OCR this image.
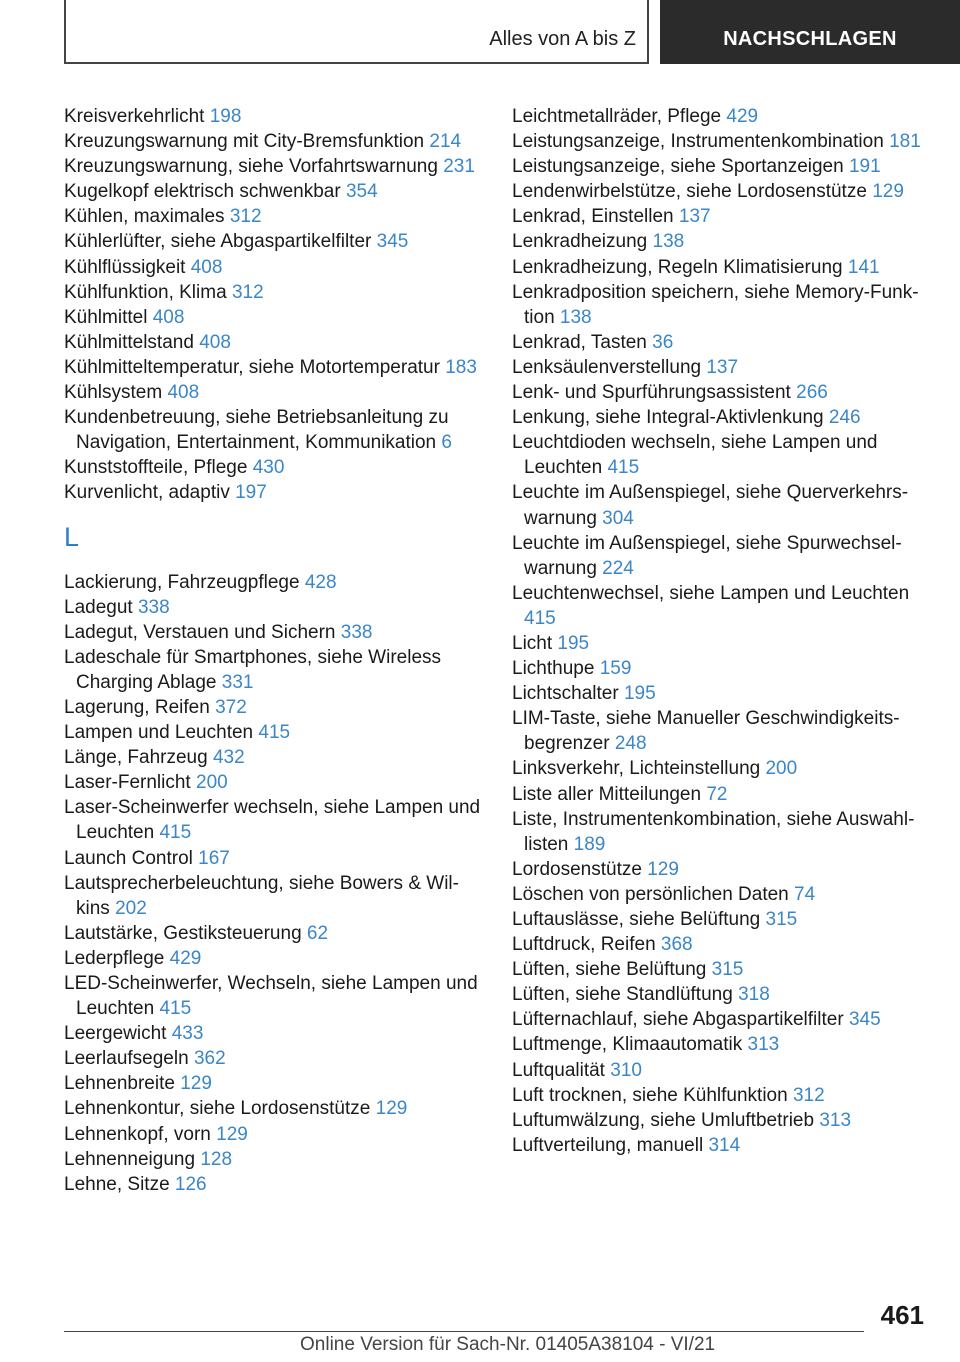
Alles von A bis Z	NACHSCHLAGEN
Kreisverkehrlicht 198
Kreuzungswarnung mit City-Bremsfunktion 214
Kreuzungswarnung, siehe Vorfahrtswarnung 231
Kugelkopf elektrisch schwenkbar 354
Kühlen, maximales 312
Kühlerlüfter, siehe Abgaspartikelfilter 345
Kühlflüssigkeit 408
Kühlfunktion, Klima 312
Kühlmittel 408
Kühlmittelstand 408
Kühlmitteltemperatur, siehe Motortemperatur 183
Kühlsystem 408
Kundenbetreuung, siehe Betriebsanleitung zu Navigation, Entertainment, Kommunikation 6
Kunststoffteile, Pflege 430
Kurvenlicht, adaptiv 197
L
Lackierung, Fahrzeugpflege 428
Ladegut 338
Ladegut, Verstauen und Sichern 338
Ladeschale für Smartphones, siehe Wireless Charging Ablage 331
Lagerung, Reifen 372
Lampen und Leuchten 415
Länge, Fahrzeug 432
Laser-Fernlicht 200
Laser-Scheinwerfer wechseln, siehe Lampen und Leuchten 415
Launch Control 167
Lautsprecherbeleuchtung, siehe Bowers & Wilkins 202
Lautstärke, Gestiksteuerung 62
Lederpflege 429
LED-Scheinwerfer, Wechseln, siehe Lampen und Leuchten 415
Leergewicht 433
Leerlaufsegeln 362
Lehnenbreite 129
Lehnenkontur, siehe Lordosenstütze 129
Lehnenkopf, vorn 129
Lehnenneigung 128
Lehne, Sitze 126
Leichtmetallräder, Pflege 429
Leistungsanzeige, Instrumentenkombination 181
Leistungsanzeige, siehe Sportanzeigen 191
Lendenwirbelstütze, siehe Lordosenstütze 129
Lenkrad, Einstellen 137
Lenkradheizung 138
Lenkradheizung, Regeln Klimatisierung 141
Lenkradposition speichern, siehe Memory-Funktion 138
Lenkrad, Tasten 36
Lenksäulenverstellung 137
Lenk- und Spurführungsassistent 266
Lenkung, siehe Integral-Aktivlenkung 246
Leuchtdioden wechseln, siehe Lampen und Leuchten 415
Leuchte im Außenspiegel, siehe Querverkehrswarnung 304
Leuchte im Außenspiegel, siehe Spurwechselwarnung 224
Leuchtenwechsel, siehe Lampen und Leuchten 415
Licht 195
Lichthupe 159
Lichtschalter 195
LIM-Taste, siehe Manueller Geschwindigkeitsbegrenzer 248
Linksverkehr, Lichteinstellung 200
Liste aller Mitteilungen 72
Liste, Instrumentenkombination, siehe Auswahllisten 189
Lordosenstütze 129
Löschen von persönlichen Daten 74
Luftauslässe, siehe Belüftung 315
Luftdruck, Reifen 368
Lüften, siehe Belüftung 315
Lüften, siehe Standlüftung 318
Lüfternachlauf, siehe Abgaspartikelfilter 345
Luftmenge, Klimaautomatik 313
Luftqualität 310
Luft trocknen, siehe Kühlfunktion 312
Luftumwälzung, siehe Umluftbetrieb 313
Luftverteilung, manuell 314
461
Online Version für Sach-Nr. 01405A38104 - VI/21
